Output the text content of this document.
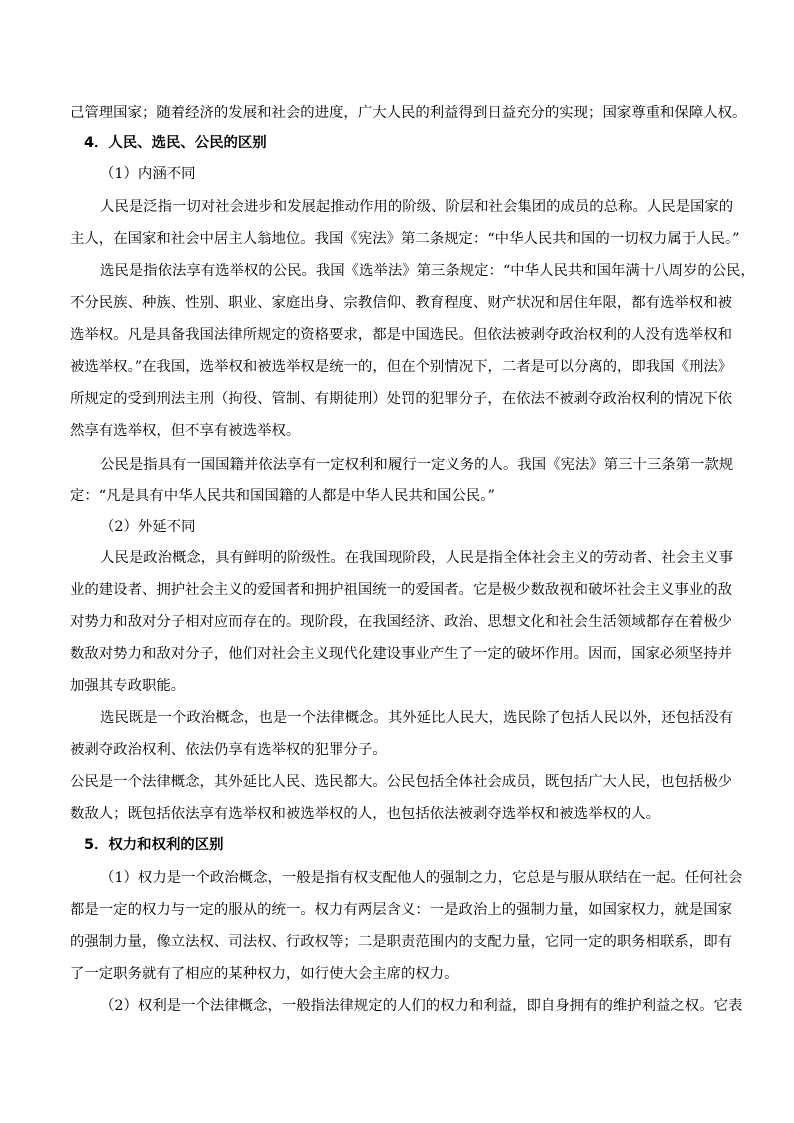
己管理国家；随着经济的发展和社会的进度，广大人民的利益得到日益充分的实现；国家尊重和保障人权。
4．人民、选民、公民的区别
（1）内涵不同
人民是泛指一切对社会进步和发展起推动作用的阶级、阶层和社会集团的成员的总称。人民是国家的
主人，在国家和社会中居主人翁地位。我国《宪法》第二条规定：“中华人民共和国的一切权力属于人民。”
选民是指依法享有选举权的公民。我国《选举法》第三条规定：“中华人民共和国年满十八周岁的公民，
不分民族、种族、性别、职业、家庭出身、宗教信仰、教育程度、财产状况和居住年限，都有选举权和被
选举权。凡是具备我国法律所规定的资格要求，都是中国选民。但依法被剥夺政治权利的人没有选举权和
被选举权。”在我国，选举权和被选举权是统一的，但在个别情况下，二者是可以分离的，即我国《刑法》
所规定的受到刑法主刑（拘役、管制、有期徒刑）处罚的犯罪分子，在依法不被剥夺政治权利的情况下依
然享有选举权，但不享有被选举权。
公民是指具有一国国籍并依法享有一定权利和履行一定义务的人。我国《宪法》第三十三条第一款规
定：“凡是具有中华人民共和国国籍的人都是中华人民共和国公民。”
（2）外延不同
人民是政治概念，具有鲜明的阶级性。在我国现阶段，人民是指全体社会主义的劳动者、社会主义事
业的建设者、拥护社会主义的爱国者和拥护祖国统一的爱国者。它是极少数敌视和破坏社会主义事业的敌
对势力和敌对分子相对应而存在的。现阶段，在我国经济、政治、思想文化和社会生活领域都存在着极少
数敌对势力和敌对分子，他们对社会主义现代化建设事业产生了一定的破坏作用。因而，国家必须坚持并
加强其专政职能。
选民既是一个政治概念，也是一个法律概念。其外延比人民大，选民除了包括人民以外，还包括没有
被剥夺政治权利、依法仍享有选举权的犯罪分子。
公民是一个法律概念，其外延比人民、选民都大。公民包括全体社会成员，既包括广大人民，也包括极少
数敌人；既包括依法享有选举权和被选举权的人，也包括依法被剥夺选举权和被选举权的人。
5．权力和权利的区别
（1）权力是一个政治概念，一般是指有权支配他人的强制之力，它总是与服从联结在一起。任何社会
都是一定的权力与一定的服从的统一。权力有两层含义：一是政治上的强制力量，如国家权力，就是国家
的强制力量，像立法权、司法权、行政权等；二是职责范围内的支配力量，它同一定的职务相联系，即有
了一定职务就有了相应的某种权力，如行使大会主席的权力。
（2）权利是一个法律概念，一般指法律规定的人们的权力和利益，即自身拥有的维护利益之权。它表
